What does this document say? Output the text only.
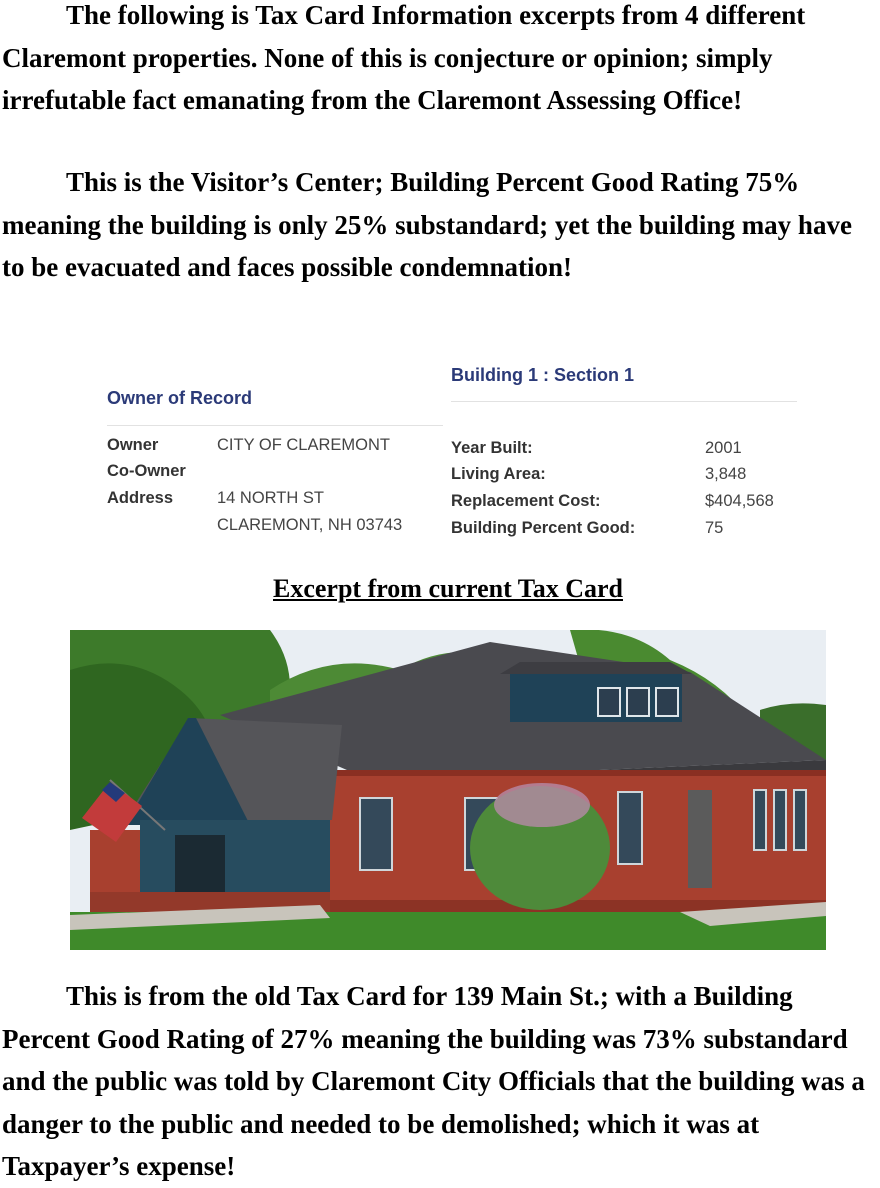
The following is Tax Card Information excerpts from 4 different Claremont properties. None of this is conjecture or opinion; simply irrefutable fact emanating from the Claremont Assessing Office!

This is the Visitor’s Center; Building Percent Good Rating 75% meaning the building is only 25% substandard; yet the building may have to be evacuated and faces possible condemnation!

Owner of Record
Owner	CITY OF CLAREMONT
Co-Owner
Address	14 NORTH ST
CLAREMONT, NH 03743
Building 1 : Section 1
Year Built:	2001
Living Area:	3,848
Replacement Cost:	$404,568
Building Percent Good:	75
Excerpt from current Tax Card

This is from the old Tax Card for 139 Main St.; with a Building Percent Good Rating of 27% meaning the building was 73% substandard and the public was told by Claremont City Officials that the building was a danger to the public and needed to be demolished; which it was at Taxpayer’s expense!
